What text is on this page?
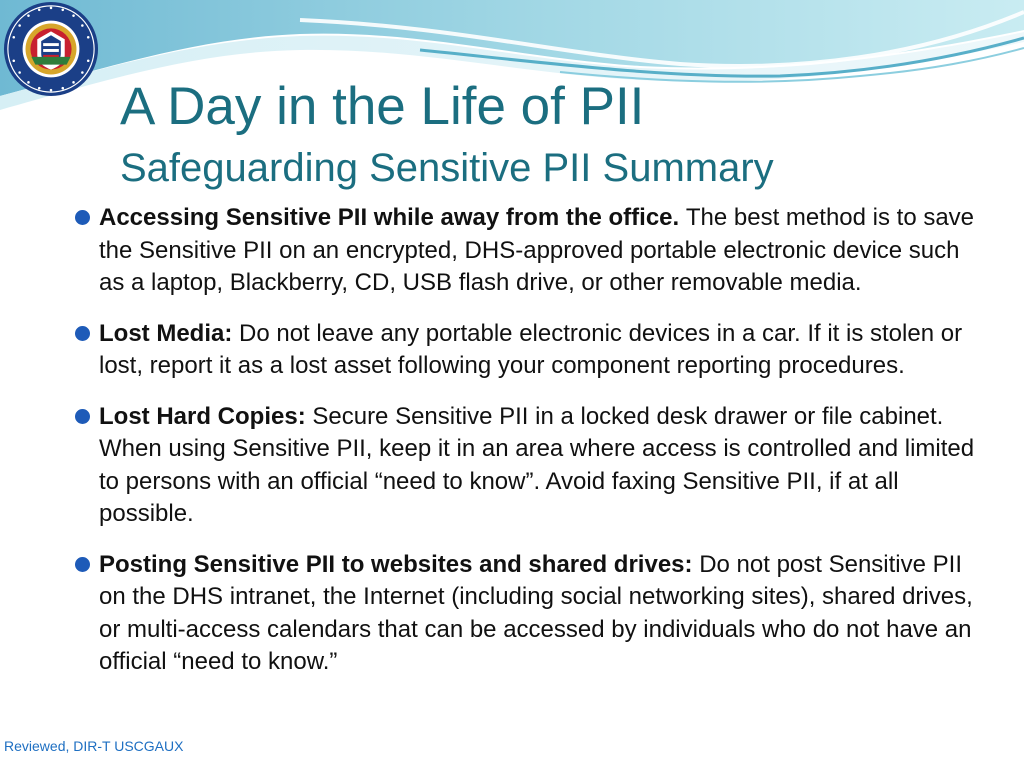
A Day in the Life of PII
Safeguarding Sensitive PII Summary
Accessing Sensitive PII while away from the office. The best method is to save the Sensitive PII on an encrypted, DHS-approved portable electronic device such as a laptop, Blackberry, CD, USB flash drive, or other removable media.
Lost Media: Do not leave any portable electronic devices in a car. If it is stolen or lost, report it as a lost asset following your component reporting procedures.
Lost Hard Copies: Secure Sensitive PII in a locked desk drawer or file cabinet. When using Sensitive PII, keep it in an area where access is controlled and limited to persons with an official “need to know”. Avoid faxing Sensitive PII, if at all possible.
Posting Sensitive PII to websites and shared drives: Do not post Sensitive PII on the DHS intranet, the Internet (including social networking sites), shared drives, or multi-access calendars that can be accessed by individuals who do not have an official “need to know.”

Reviewed, DIR-T USCGAUX
